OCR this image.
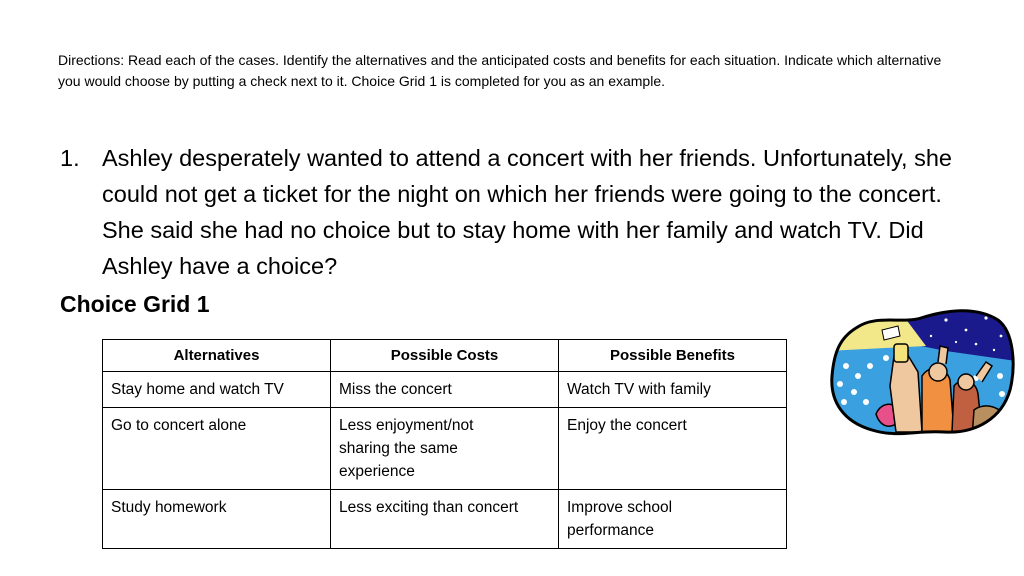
Directions: Read each of the cases. Identify the alternatives and the anticipated costs and benefits for each situation. Indicate which alternative you would choose by putting a check next to it. Choice Grid 1 is completed for you as an example.
1. Ashley desperately wanted to attend a concert with her friends. Unfortunately, she could not get a ticket for the night on which her friends were going to the concert. She said she had no choice but to stay home with her family and watch TV. Did Ashley have a choice?
Choice Grid 1
Alternatives	Possible Costs	Possible Benefits
Stay home and watch TV	Miss the concert	Watch TV with family
Go to concert alone	Less enjoyment/not sharing the same experience	Enjoy the concert
Study homework	Less exciting than concert	Improve school performance
